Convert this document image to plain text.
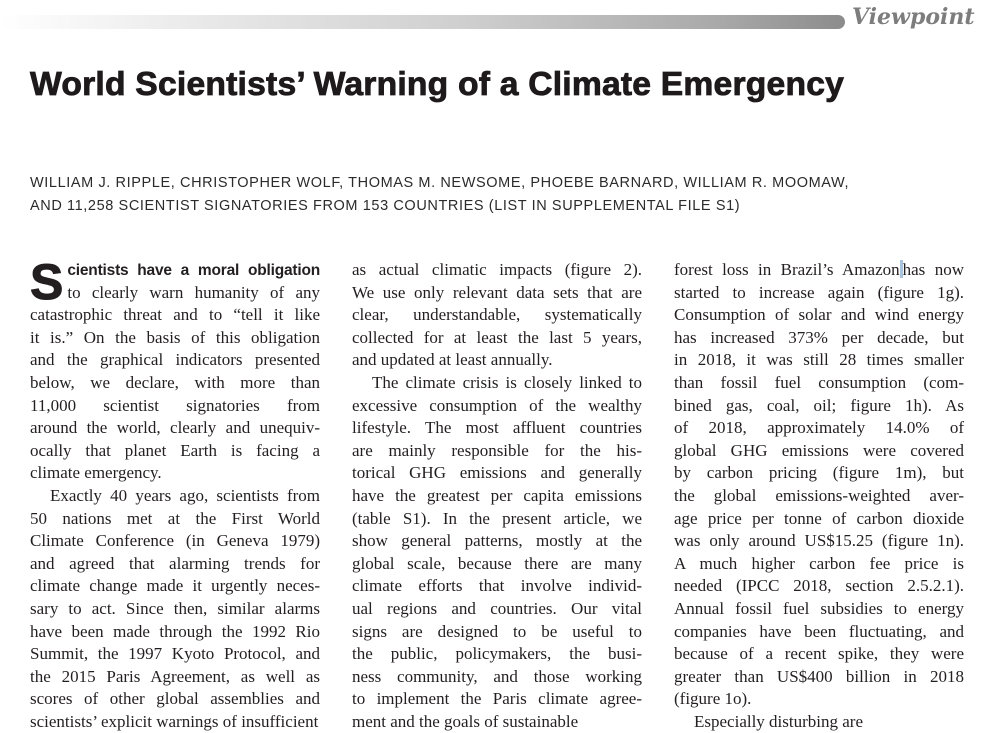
Viewpoint
World Scientists’ Warning of a Climate Emergency
WILLIAM J. RIPPLE, CHRISTOPHER WOLF, THOMAS M. NEWSOME, PHOEBE BARNARD, WILLIAM R. MOOMAW,
AND 11,258 SCIENTIST SIGNATORIES FROM 153 COUNTRIES (LIST IN SUPPLEMENTAL FILE S1)
S cientists have a moral obligation
to clearly warn humanity of any
catastrophic threat and to “tell it like
it is.” On the basis of this obligation
and the graphical indicators presented
below, we declare, with more than
11,000 scientist signatories from
around the world, clearly and unequiv-
ocally that planet Earth is facing a
climate emergency.
Exactly 40 years ago, scientists from
50 nations met at the First World
Climate Conference (in Geneva 1979)
and agreed that alarming trends for
climate change made it urgently neces-
sary to act. Since then, similar alarms
have been made through the 1992 Rio
Summit, the 1997 Kyoto Protocol, and
the 2015 Paris Agreement, as well as
scores of other global assemblies and
scientists’ explicit warnings of insufficient
as actual climatic impacts (figure 2).
We use only relevant data sets that are
clear, understandable, systematically
collected for at least the last 5 years,
and updated at least annually.
The climate crisis is closely linked to
excessive consumption of the wealthy
lifestyle. The most affluent countries
are mainly responsible for the his-
torical GHG emissions and generally
have the greatest per capita emissions
(table S1). In the present article, we
show general patterns, mostly at the
global scale, because there are many
climate efforts that involve individ-
ual regions and countries. Our vital
signs are designed to be useful to
the public, policymakers, the busi-
ness community, and those working
to implement the Paris climate agree-
ment and the goals of sustainable
forest loss in Brazil’s Amazon has now
started to increase again (figure 1g).
Consumption of solar and wind energy
has increased 373% per decade, but
in 2018, it was still 28 times smaller
than fossil fuel consumption (com-
bined gas, coal, oil; figure 1h). As
of 2018, approximately 14.0% of
global GHG emissions were covered
by carbon pricing (figure 1m), but
the global emissions-weighted aver-
age price per tonne of carbon dioxide
was only around US$15.25 (figure 1n).
A much higher carbon fee price is
needed (IPCC 2018, section 2.5.2.1).
Annual fossil fuel subsidies to energy
companies have been fluctuating, and
because of a recent spike, they were
greater than US$400 billion in 2018
(figure 1o).
Especially disturbing are
